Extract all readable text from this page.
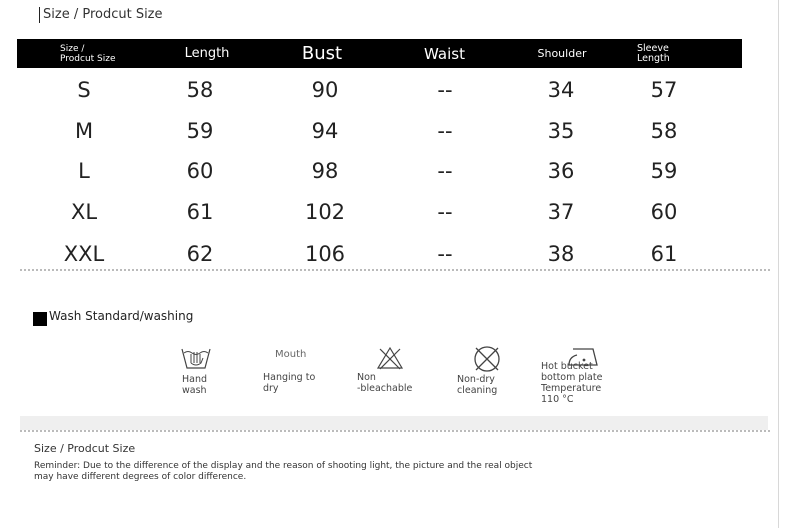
Size / Prodcut Size
Size / Prodcut Size	Length	Bust	Waist	Shoulder	Sleeve Length
S	58	90	--	34	57
M	59	94	--	35	58
L	60	98	--	36	59
XL	61	102	--	37	60
XXL	62	106	--	38	61
Wash Standard/washing
Hand
wash
Mouth
Hanging to
dry
Non
-bleachable
Non-dry
cleaning
Hot bucket
bottom plate
Temperature
110 °C
Size / Prodcut Size
Reminder: Due to the difference of the display and the reason of shooting light, the picture and the real object may have different degrees of color difference.
